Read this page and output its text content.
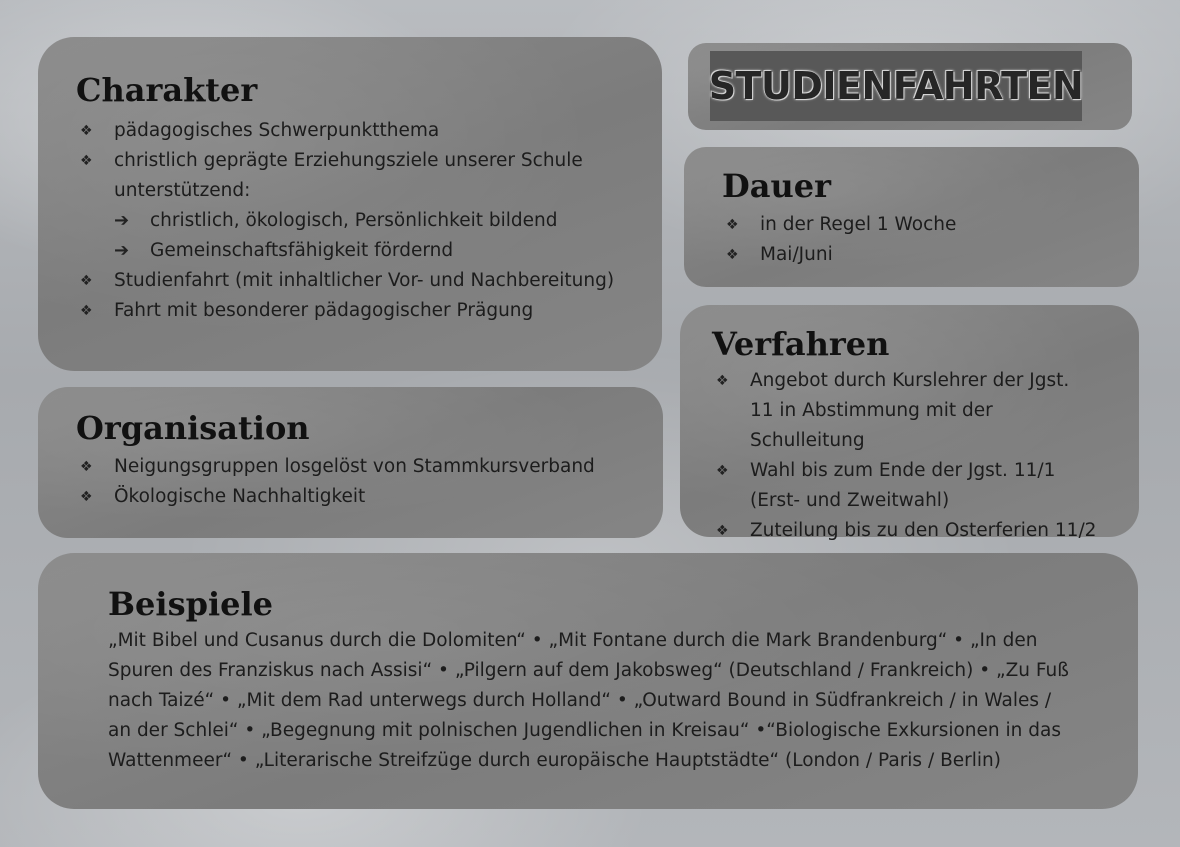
Charakter
❖ pädagogisches Schwerpunktthema
❖ christlich geprägte Erziehungsziele unserer Schule unterstützend:
➔ christlich, ökologisch, Persönlichkeit bildend
➔ Gemeinschaftsfähigkeit fördernd
❖ Studienfahrt (mit inhaltlicher Vor- und Nachbereitung)
❖ Fahrt mit besonderer pädagogischer Prägung
STUDIENFAHRTEN
Dauer
❖ in der Regel 1 Woche
❖ Mai/Juni
Verfahren
❖ Angebot durch Kurslehrer der Jgst. 11 in Abstimmung mit der Schulleitung
❖ Wahl bis zum Ende der Jgst. 11/1 (Erst- und Zweitwahl)
❖ Zuteilung bis zu den Osterferien 11/2
Organisation
❖ Neigungsgruppen losgelöst von Stammkursverband
❖ Ökologische Nachhaltigkeit
Beispiele

„Mit Bibel und Cusanus durch die Dolomiten“ • „Mit Fontane durch die Mark Brandenburg“ • „In den Spuren des Franziskus nach Assisi“ • „Pilgern auf dem Jakobsweg“ (Deutschland / Frankreich) • „Zu Fuß nach Taizé“ • „Mit dem Rad unterwegs durch Holland“ • „Outward Bound in Südfrankreich / in Wales / an der Schlei“ • „Begegnung mit polnischen Jugendlichen in Kreisau“ •“Biologische Exkursionen in das Wattenmeer“ • „Literarische Streifzüge durch europäische Hauptstädte“ (London / Paris / Berlin)
